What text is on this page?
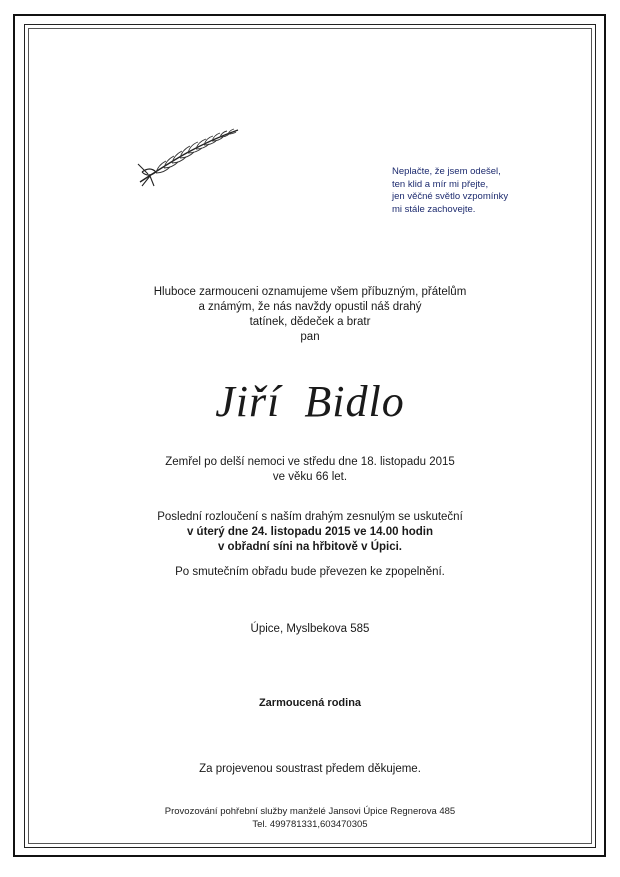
Neplačte, že jsem odešel,
ten klid a mír mi přejte,
jen věčné světlo vzpomínky
mi stále zachovejte.
Hluboce zarmouceni oznamujeme všem příbuzným, přátelům
a známým, že nás navždy opustil náš drahý
tatínek, dědeček a bratr
pan
Jiří  Bidlo
Zemřel po delší nemoci ve středu dne 18. listopadu 2015
ve věku 66 let.
Poslední rozloučení s naším drahým zesnulým se uskuteční
v úterý dne 24. listopadu 2015 ve 14.00 hodin
v obřadní síni na hřbitově v Úpici.
Po smutečním obřadu bude převezen ke zpopelnění.
Úpice, Myslbekova 585
Zarmoucená rodina
Za projevenou soustrast předem děkujeme.
Provozování pohřební služby manželé Jansovi Úpice Regnerova 485
Tel. 499781331,603470305
